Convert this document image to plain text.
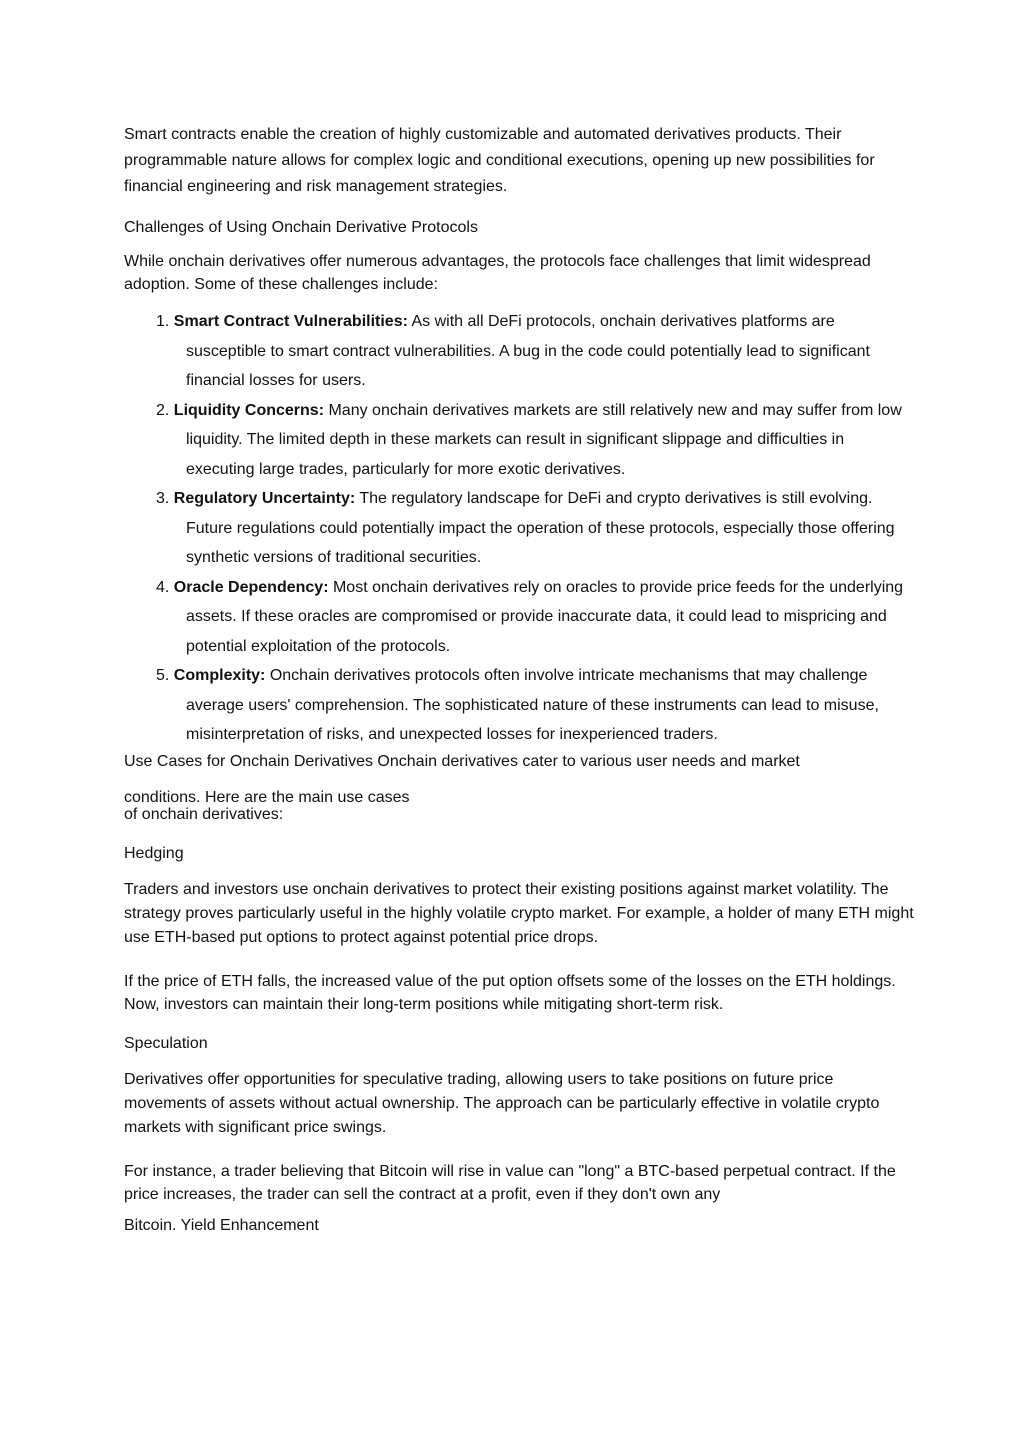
Smart contracts enable the creation of highly customizable and automated derivatives products. Their programmable nature allows for complex logic and conditional executions, opening up new possibilities for financial engineering and risk management strategies.

Challenges of Using Onchain Derivative Protocols

While onchain derivatives offer numerous advantages, the protocols face challenges that limit widespread adoption. Some of these challenges include:

1. Smart Contract Vulnerabilities: As with all DeFi protocols, onchain derivatives platforms are susceptible to smart contract vulnerabilities. A bug in the code could potentially lead to significant financial losses for users.
2. Liquidity Concerns: Many onchain derivatives markets are still relatively new and may suffer from low liquidity. The limited depth in these markets can result in significant slippage and difficulties in executing large trades, particularly for more exotic derivatives.
3. Regulatory Uncertainty: The regulatory landscape for DeFi and crypto derivatives is still evolving. Future regulations could potentially impact the operation of these protocols, especially those offering synthetic versions of traditional securities.
4. Oracle Dependency: Most onchain derivatives rely on oracles to provide price feeds for the underlying assets. If these oracles are compromised or provide inaccurate data, it could lead to mispricing and potential exploitation of the protocols.
5. Complexity: Onchain derivatives protocols often involve intricate mechanisms that may challenge average users' comprehension. The sophisticated nature of these instruments can lead to misuse, misinterpretation of risks, and unexpected losses for inexperienced traders.

Use Cases for Onchain Derivatives Onchain derivatives cater to various user needs and market
conditions. Here are the main use cases
of onchain derivatives:

Hedging

Traders and investors use onchain derivatives to protect their existing positions against market volatility. The strategy proves particularly useful in the highly volatile crypto market. For example, a holder of many ETH might use ETH-based put options to protect against potential price drops.

If the price of ETH falls, the increased value of the put option offsets some of the losses on the ETH holdings. Now, investors can maintain their long-term positions while mitigating short-term risk.

Speculation

Derivatives offer opportunities for speculative trading, allowing users to take positions on future price movements of assets without actual ownership. The approach can be particularly effective in volatile crypto markets with significant price swings.

For instance, a trader believing that Bitcoin will rise in value can "long" a BTC-based perpetual contract. If the price increases, the trader can sell the contract at a profit, even if they don't own any

Bitcoin. Yield Enhancement
